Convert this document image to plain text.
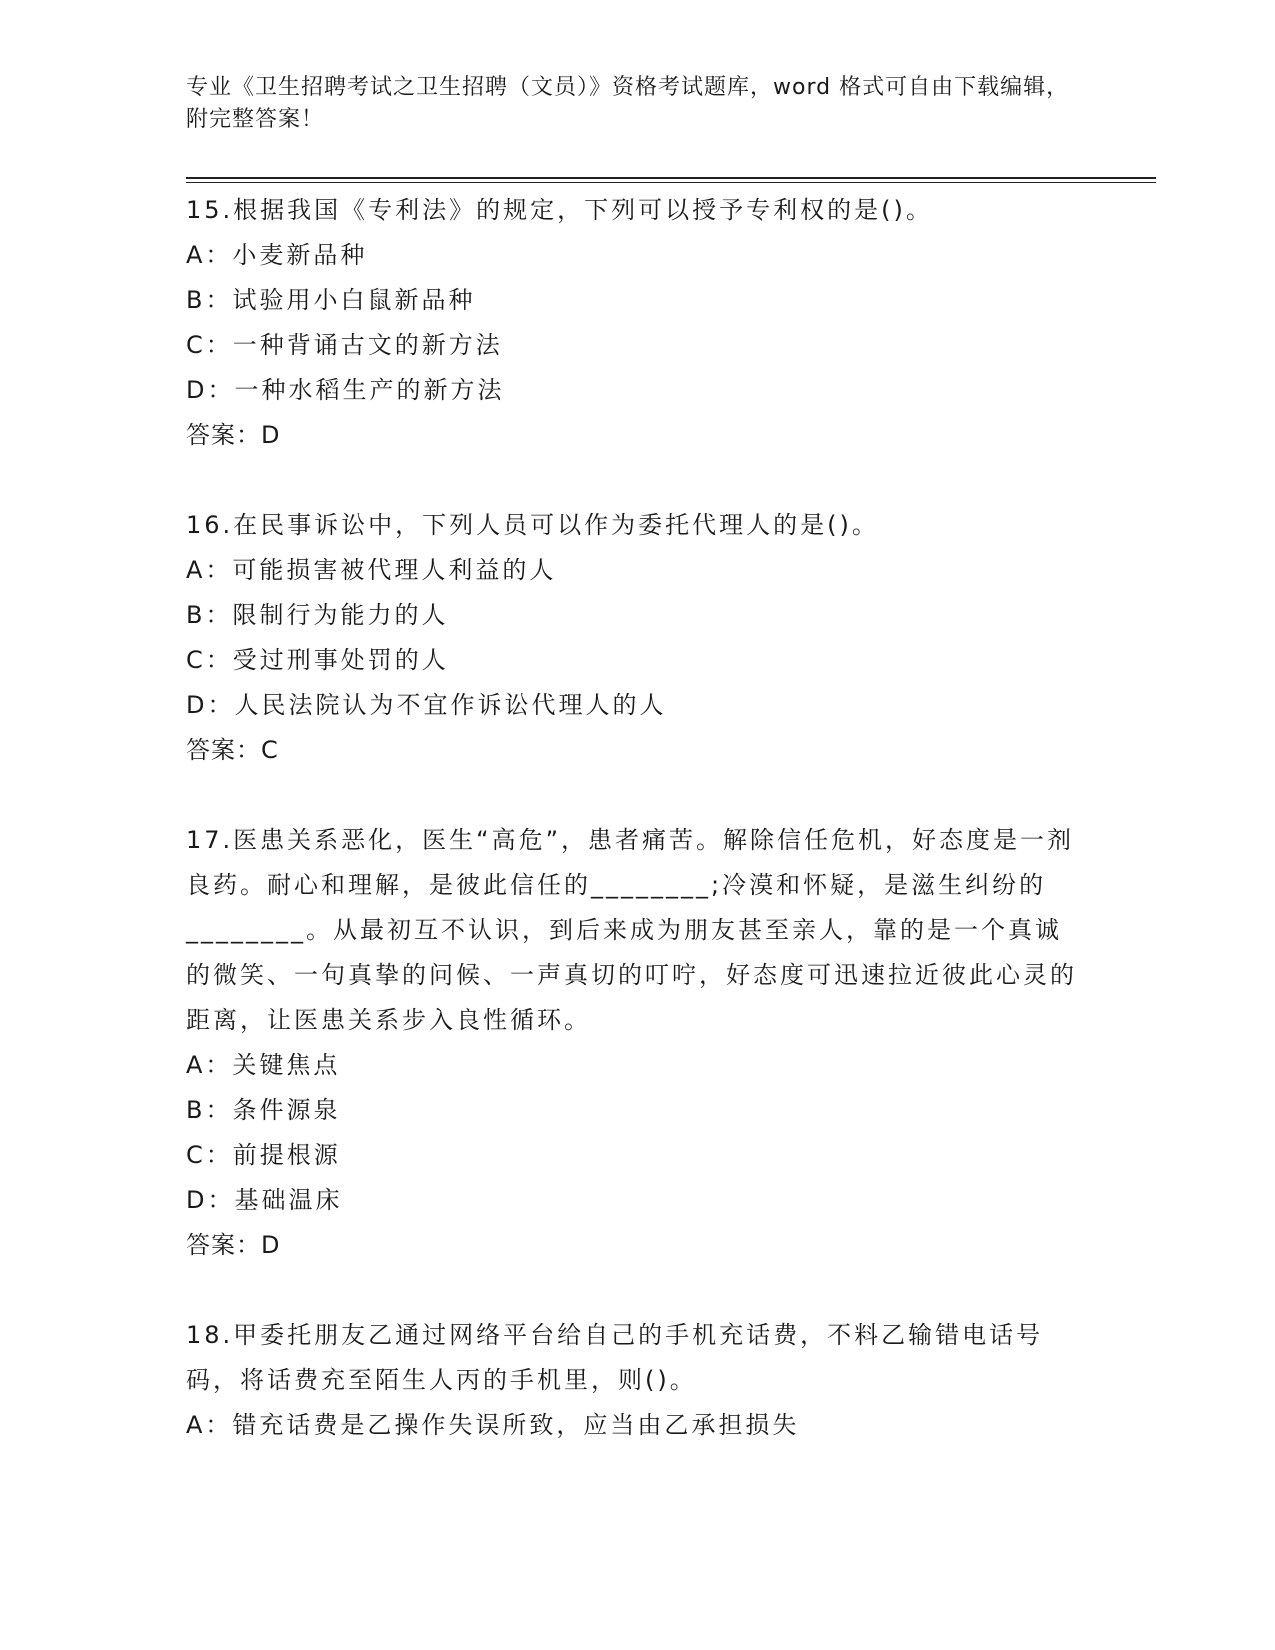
专业《卫生招聘考试之卫生招聘（文员）》资格考试题库，word 格式可自由下载编辑，附完整答案！

15.根据我国《专利法》的规定，下列可以授予专利权的是()。

A：小麦新品种

B：试验用小白鼠新品种

C：一种背诵古文的新方法

D：一种水稻生产的新方法

答案：D

16.在民事诉讼中，下列人员可以作为委托代理人的是()。

A：可能损害被代理人利益的人

B：限制行为能力的人

C：受过刑事处罚的人

D：人民法院认为不宜作诉讼代理人的人

答案：C

17.医患关系恶化，医生“高危”，患者痛苦。解除信任危机，好态度是一剂良药。耐心和理解，是彼此信任的________;冷漠和怀疑，是滋生纠纷的________。从最初互不认识，到后来成为朋友甚至亲人，靠的是一个真诚的微笑、一句真挚的问候、一声真切的叮咛，好态度可迅速拉近彼此心灵的距离，让医患关系步入良性循环。

A：关键焦点

B：条件源泉

C：前提根源

D：基础温床

答案：D

18.甲委托朋友乙通过网络平台给自己的手机充话费，不料乙输错电话号码，将话费充至陌生人丙的手机里，则()。

A：错充话费是乙操作失误所致，应当由乙承担损失
